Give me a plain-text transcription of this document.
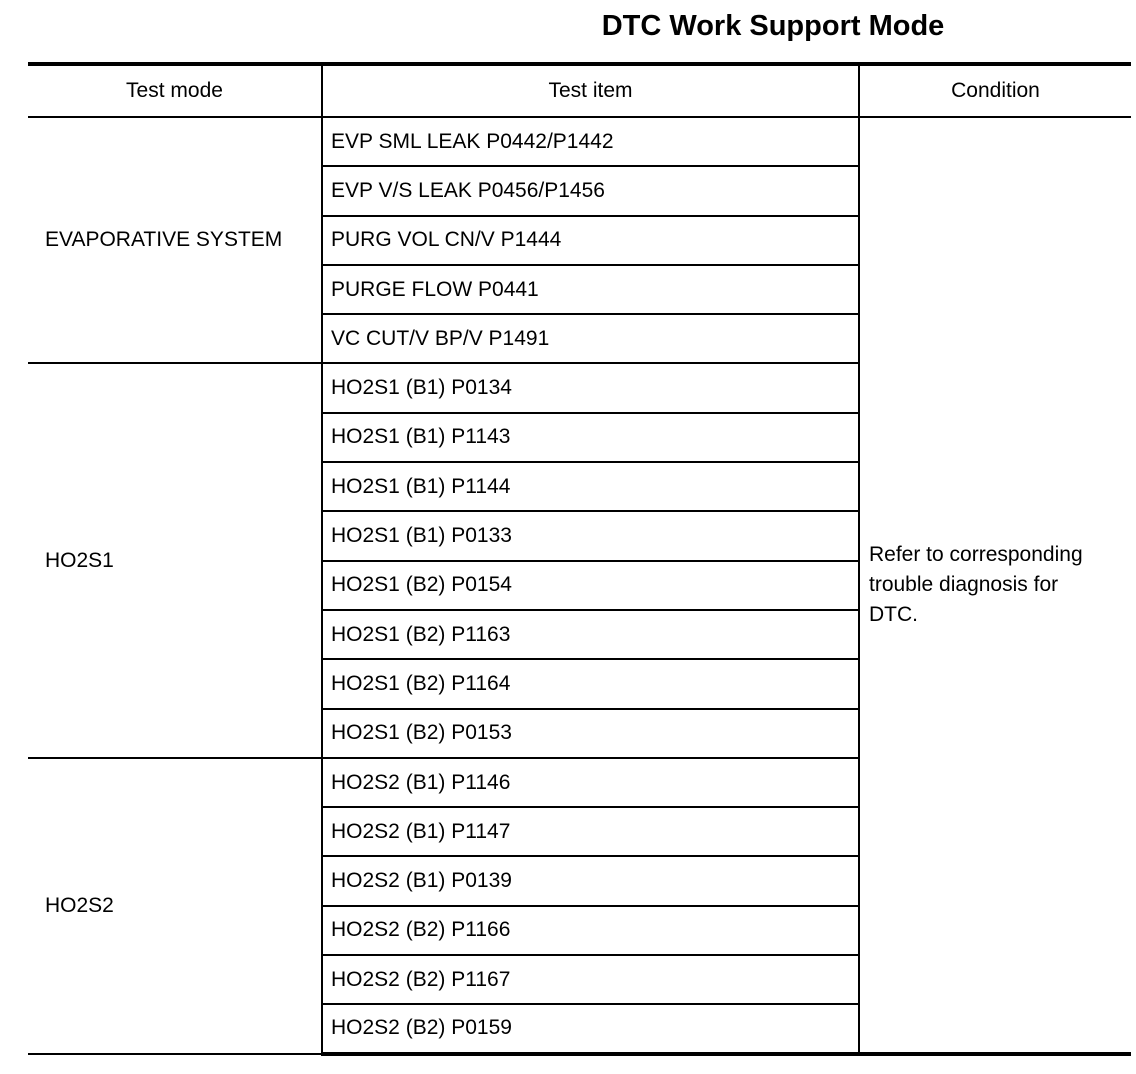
DTC Work Support Mode
Test mode	Test item	Condition
EVAPORATIVE SYSTEM	EVP SML LEAK P0442/P1442	Refer to corresponding
trouble diagnosis for
DTC.

	EVP V/S LEAK P0456/P1456	
	PURG VOL CN/V P1444	
	PURGE FLOW P0441	
	VC CUT/V BP/V P1491	
HO2S1	HO2S1 (B1) P0134	
	HO2S1 (B1) P1143	
	HO2S1 (B1) P1144	
	HO2S1 (B1) P0133	
	HO2S1 (B2) P0154	
	HO2S1 (B2) P1163	
	HO2S1 (B2) P1164	
	HO2S1 (B2) P0153	
HO2S2	HO2S2 (B1) P1146	
	HO2S2 (B1) P1147	
	HO2S2 (B1) P0139	
	HO2S2 (B2) P1166	
	HO2S2 (B2) P1167	
	HO2S2 (B2) P0159	
